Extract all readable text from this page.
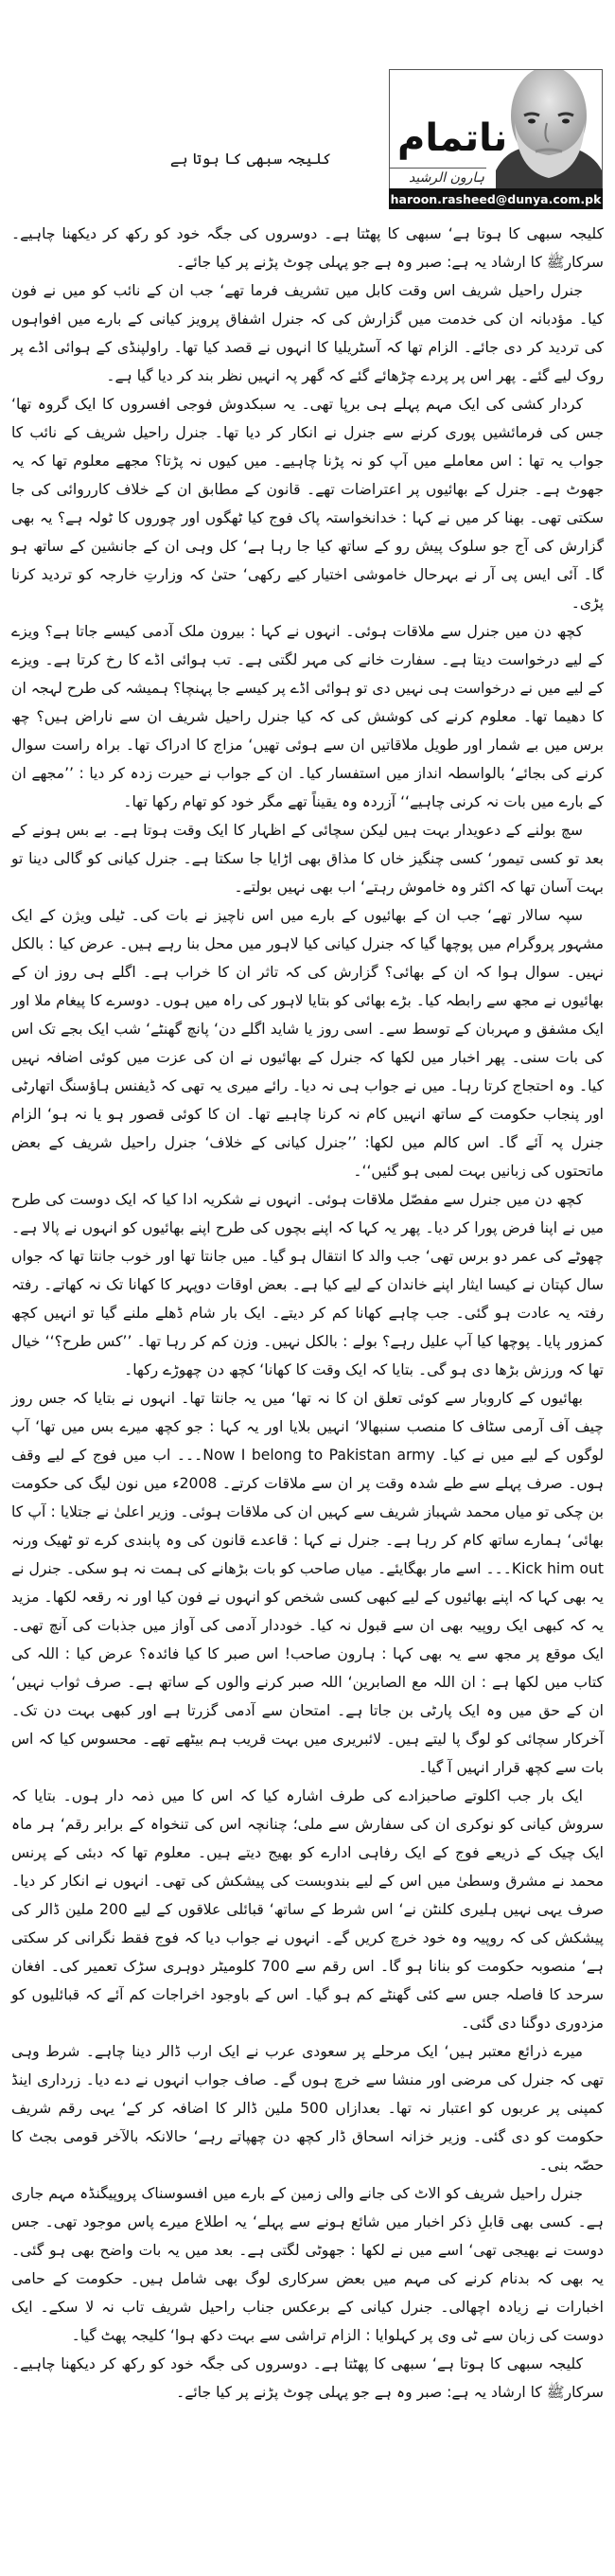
ناتمام
ہارون الرشید
haroon.rasheed@dunya.com.pk
کلیجہ سبھی کا ہوتا ہے

کلیجہ سبھی کا ہوتا ہے‘ سبھی کا پھٹتا ہے۔ دوسروں کی جگہ خود کو رکھ کر دیکھنا چاہیے۔ سرکارﷺ کا ارشاد یہ ہے: صبر وہ ہے جو پہلی چوٹ پڑنے پر کیا جائے۔

جنرل راحیل شریف اس وقت کابل میں تشریف فرما تھے‘ جب ان کے نائب کو میں نے فون کیا۔ مؤدبانہ ان کی خدمت میں گزارش کی کہ جنرل اشفاق پرویز کیانی کے بارے میں افواہوں کی تردید کر دی جائے۔ الزام تھا کہ آسٹریلیا کا انہوں نے قصد کیا تھا۔ راولپنڈی کے ہوائی اڈے پر روک لیے گئے۔ پھر اس پر پردے چڑھائے گئے کہ گھر پہ انہیں نظر بند کر دیا گیا ہے۔

کردار کشی کی ایک مہم پہلے ہی برپا تھی۔ یہ سبکدوش فوجی افسروں کا ایک گروہ تھا‘ جس کی فرمائشیں پوری کرنے سے جنرل نے انکار کر دیا تھا۔ جنرل راحیل شریف کے نائب کا جواب یہ تھا : اس معاملے میں آپ کو نہ پڑنا چاہیے۔ میں کیوں نہ پڑتا؟ مجھے معلوم تھا کہ یہ جھوٹ ہے۔ جنرل کے بھائیوں پر اعتراضات تھے۔ قانون کے مطابق ان کے خلاف کارروائی کی جا سکتی تھی۔ بھنا کر میں نے کہا : خدانخواستہ پاک فوج کیا ٹھگوں اور چوروں کا ٹولہ ہے؟ یہ بھی گزارش کی آج جو سلوک پیش رو کے ساتھ کیا جا رہا ہے‘ کل وہی ان کے جانشین کے ساتھ ہو گا۔ آئی ایس پی آر نے بہرحال خاموشی اختیار کیے رکھی‘ حتیٰ کہ وزارتِ خارجہ کو تردید کرنا پڑی۔

کچھ دن میں جنرل سے ملاقات ہوئی۔ انہوں نے کہا : بیرون ملک آدمی کیسے جاتا ہے؟ ویزے کے لیے درخواست دیتا ہے۔ سفارت خانے کی مہر لگتی ہے۔ تب ہوائی اڈے کا رخ کرتا ہے۔ ویزے کے لیے میں نے درخواست ہی نہیں دی تو ہوائی اڈے پر کیسے جا پہنچا؟ ہمیشہ کی طرح لہجہ ان کا دھیما تھا۔ معلوم کرنے کی کوشش کی کہ کیا جنرل راحیل شریف ان سے ناراض ہیں؟ چھ برس میں بے شمار اور طویل ملاقاتیں ان سے ہوئی تھیں‘ مزاج کا ادراک تھا۔ براہ راست سوال کرنے کی بجائے‘ بالواسطہ انداز میں استفسار کیا۔ ان کے جواب نے حیرت زدہ کر دیا : ’’مجھے ان کے بارے میں بات نہ کرنی چاہیے‘‘ آزردہ وہ یقیناً تھے مگر خود کو تھام رکھا تھا۔

سچ بولنے کے دعویدار بہت ہیں لیکن سچائی کے اظہار کا ایک وقت ہوتا ہے۔ بے بس ہونے کے بعد تو کسی تیمور‘ کسی چنگیز خاں کا مذاق بھی اڑایا جا سکتا ہے۔ جنرل کیانی کو گالی دینا تو بہت آسان تھا کہ اکثر وہ خاموش رہتے‘ اب بھی نہیں بولتے۔

سپہ سالار تھے‘ جب ان کے بھائیوں کے بارے میں اس ناچیز نے بات کی۔ ٹیلی ویژن کے ایک مشہور پروگرام میں پوچھا گیا کہ جنرل کیانی کیا لاہور میں محل بنا رہے ہیں۔ عرض کیا : بالکل نہیں۔ سوال ہوا کہ ان کے بھائی؟ گزارش کی کہ تاثر ان کا خراب ہے۔ اگلے ہی روز ان کے بھائیوں نے مجھ سے رابطہ کیا۔ بڑے بھائی کو بتایا لاہور کی راہ میں ہوں۔ دوسرے کا پیغام ملا اور ایک مشفق و مہربان کے توسط سے۔ اسی روز یا شاید اگلے دن‘ پانچ گھنٹے‘ شب ایک بجے تک اس کی بات سنی۔ پھر اخبار میں لکھا کہ جنرل کے بھائیوں نے ان کی عزت میں کوئی اضافہ نہیں کیا۔ وہ احتجاج کرتا رہا۔ میں نے جواب ہی نہ دیا۔ رائے میری یہ تھی کہ ڈیفنس ہاؤسنگ اتھارٹی اور پنجاب حکومت کے ساتھ انہیں کام نہ کرنا چاہیے تھا۔ ان کا کوئی قصور ہو یا نہ ہو‘ الزام جنرل پہ آئے گا۔ اس کالم میں لکھا: ’’جنرل کیانی کے خلاف‘ جنرل راحیل شریف کے بعض ماتحتوں کی زبانیں بہت لمبی ہو گئیں‘‘۔

کچھ دن میں جنرل سے مفصّل ملاقات ہوئی۔ انہوں نے شکریہ ادا کیا کہ ایک دوست کی طرح میں نے اپنا فرض پورا کر دیا۔ پھر یہ کہا کہ اپنے بچوں کی طرح اپنے بھائیوں کو انہوں نے پالا ہے۔ چھوٹے کی عمر دو برس تھی‘ جب والد کا انتقال ہو گیا۔ میں جانتا تھا اور خوب جانتا تھا کہ جواں سال کپتان نے کیسا ایثار اپنے خاندان کے لیے کیا ہے۔ بعض اوقات دوپہر کا کھانا تک نہ کھاتے۔ رفتہ رفتہ یہ عادت ہو گئی۔ جب چاہے کھانا کم کر دیتے۔ ایک بار شام ڈھلے ملنے گیا تو انہیں کچھ کمزور پایا۔ پوچھا کیا آپ علیل رہے؟ بولے : بالکل نہیں۔ وزن کم کر رہا تھا۔ ’’کس طرح؟‘‘ خیال تھا کہ ورزش بڑھا دی ہو گی۔ بتایا کہ ایک وقت کا کھانا‘ کچھ دن چھوڑے رکھا۔

بھائیوں کے کاروبار سے کوئی تعلق ان کا نہ تھا‘ میں یہ جانتا تھا۔ انہوں نے بتایا کہ جس روز چیف آف آرمی سٹاف کا منصب سنبھالا‘ انہیں بلایا اور یہ کہا : جو کچھ میرے بس میں تھا‘ آپ لوگوں کے لیے میں نے کیا۔ Now I belong to Pakistan army۔۔۔ اب میں فوج کے لیے وقف ہوں۔ صرف پہلے سے طے شدہ وقت پر ان سے ملاقات کرتے۔ 2008ء میں نون لیگ کی حکومت بن چکی تو میاں محمد شہباز شریف سے کہیں ان کی ملاقات ہوئی۔ وزیر اعلیٰ نے جتلایا : آپ کا بھائی‘ ہمارے ساتھ کام کر رہا ہے۔ جنرل نے کہا : قاعدے قانون کی وہ پابندی کرے تو ٹھیک ورنہ Kick him out۔۔۔ اسے مار بھگایئے۔ میاں صاحب کو بات بڑھانے کی ہمت نہ ہو سکی۔ جنرل نے یہ بھی کہا کہ اپنے بھائیوں کے لیے کبھی کسی شخص کو انہوں نے فون کیا اور نہ رقعہ لکھا۔ مزید یہ کہ کبھی ایک روپیہ بھی ان سے قبول نہ کیا۔ خوددار آدمی کی آواز میں جذبات کی آنچ تھی۔ ایک موقع پر مجھ سے یہ بھی کہا : ہارون صاحب! اس صبر کا کیا فائدہ؟ عرض کیا : اللہ کی کتاب میں لکھا ہے : ان اللہ مع الصابرین‘ اللہ صبر کرنے والوں کے ساتھ ہے۔ صرف ثواب نہیں‘ ان کے حق میں وہ ایک پارٹی بن جاتا ہے۔ امتحان سے آدمی گزرتا ہے اور کبھی بہت دن تک۔ آخرکار سچائی کو لوگ پا لیتے ہیں۔ لائبریری میں بہت قریب ہم بیٹھے تھے۔ محسوس کیا کہ اس بات سے کچھ قرار انہیں آ گیا۔

ایک بار جب اکلوتے صاحبزادے کی طرف اشارہ کیا کہ اس کا میں ذمہ دار ہوں۔ بتایا کہ سروش کیانی کو نوکری ان کی سفارش سے ملی؛ چنانچہ اس کی تنخواہ کے برابر رقم‘ ہر ماہ ایک چیک کے ذریعے فوج کے ایک رفاہی ادارے کو بھیج دیتے ہیں۔ معلوم تھا کہ دبئی کے پرنس محمد نے مشرق وسطیٰ میں اس کے لیے بندوبست کی پیشکش کی تھی۔ انہوں نے انکار کر دیا۔ صرف یہی نہیں ہلیری کلنٹن نے‘ اس شرط کے ساتھ‘ قبائلی علاقوں کے لیے 200 ملین ڈالر کی پیشکش کی کہ روپیہ وہ خود خرچ کریں گے۔ انہوں نے جواب دیا کہ فوج فقط نگرانی کر سکتی ہے‘ منصوبہ حکومت کو بنانا ہو گا۔ اس رقم سے 700 کلومیٹر دوہری سڑک تعمیر کی۔ افغان سرحد کا فاصلہ جس سے کئی گھنٹے کم ہو گیا۔ اس کے باوجود اخراجات کم آئے کہ قبائلیوں کو مزدوری دوگنا دی گئی۔

میرے ذرائع معتبر ہیں‘ ایک مرحلے پر سعودی عرب نے ایک ارب ڈالر دینا چاہے۔ شرط وہی تھی کہ جنرل کی مرضی اور منشا سے خرچ ہوں گے۔ صاف جواب انہوں نے دے دیا۔ زرداری اینڈ کمپنی پر عربوں کو اعتبار نہ تھا۔ بعدازاں 500 ملین ڈالر کا اضافہ کر کے‘ یہی رقم شریف حکومت کو دی گئی۔ وزیر خزانہ اسحاق ڈار کچھ دن چھپاتے رہے‘ حالانکہ بالآخر قومی بجٹ کا حصّہ بنی۔

جنرل راحیل شریف کو الاٹ کی جانے والی زمین کے بارے میں افسوسناک پروپیگنڈہ مہم جاری ہے۔ کسی بھی قابلِ ذکر اخبار میں شائع ہونے سے پہلے‘ یہ اطلاع میرے پاس موجود تھی۔ جس دوست نے بھیجی تھی‘ اسے میں نے لکھا : جھوٹی لگتی ہے۔ بعد میں یہ بات واضح بھی ہو گئی۔ یہ بھی کہ بدنام کرنے کی مہم میں بعض سرکاری لوگ بھی شامل ہیں۔ حکومت کے حامی اخبارات نے زیادہ اچھالی۔ جنرل کیانی کے برعکس جناب راحیل شریف تاب نہ لا سکے۔ ایک دوست کی زبان سے ٹی وی پر کہلوایا : الزام تراشی سے بہت دکھ ہوا‘ کلیجہ پھٹ گیا۔

کلیجہ سبھی کا ہوتا ہے‘ سبھی کا پھٹتا ہے۔ دوسروں کی جگہ خود کو رکھ کر دیکھنا چاہیے۔ سرکارﷺ کا ارشاد یہ ہے: صبر وہ ہے جو پہلی چوٹ پڑنے پر کیا جائے۔
